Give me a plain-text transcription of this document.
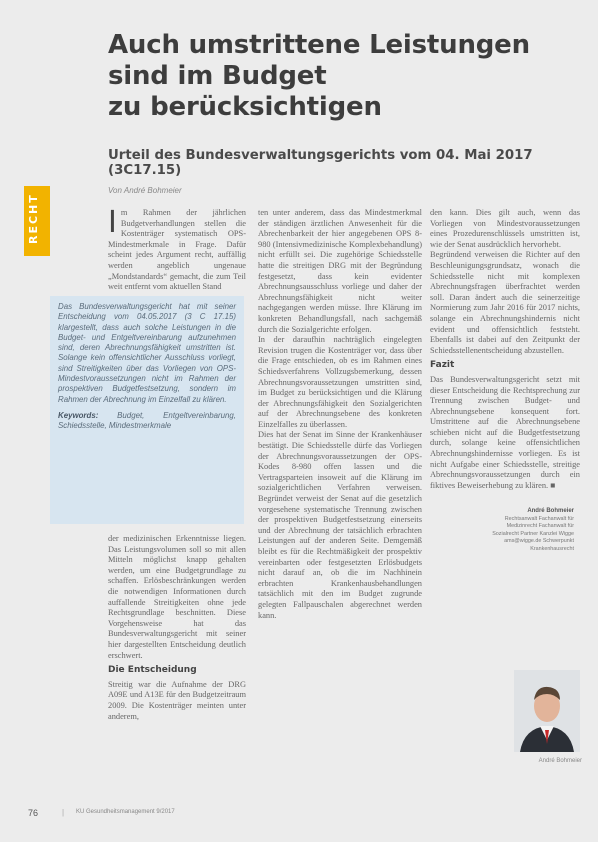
RECHT
Auch umstrittene Leistungen
sind im Budget
zu berücksichtigen
Urteil des Bundesverwaltungsgerichts vom 04. Mai 2017 (3C17.15)
Von André Bohmeier
I m Rahmen der jährlichen Budgetverhandlungen stellen die Kostenträger systematisch OPS-Mindestmerkmale in Frage. Dafür scheint jedes Argument recht, auffällig werden angeblich ungenaue „Mondstandards“ gemacht, die zum Teil weit entfernt vom aktuellen Stand

Das Bundesverwaltungsgericht hat mit seiner Entscheidung vom 04.05.2017 (3 C 17.15) klargestellt, dass auch solche Leistungen in die Budget- und Entgeltvereinbarung aufzunehmen sind, deren Abrechnungsfähigkeit umstritten ist. Solange kein offensichtlicher Ausschluss vorliegt, sind Streitigkeiten über das Vorliegen von OPS-Mindestvoraussetzungen nicht im Rahmen der prospektiven Budgetfestsetzung, sondern im Rahmen der Abrechnung im Einzelfall zu klären.

Keywords: Budget, Entgeltvereinbarung, Schiedsstelle, Mindestmerkmale

der medizinischen Erkenntnisse liegen. Das Leistungsvolumen soll so mit allen Mitteln möglichst knapp gehalten werden, um eine Budgetgrundlage zu schaffen. Erlösbeschränkungen werden die notwendigen Informationen durch auffallende Streitigkeiten ohne jede Rechtsgrundlage beschnitten. Diese Vorgehensweise hat das Bundesverwaltungsgericht mit seiner hier dargestellten Entscheidung deutlich erschwert.

Die Entscheidung

Streitig war die Aufnahme der DRG A09E und A13E für den Budgetzeitraum 2009. Die Kostenträger meinten unter anderem,

ten unter anderem, dass das Mindestmerkmal der ständigen ärztlichen Anwesenheit für die Abrechenbarkeit der hier angegebenen OPS 8-980 (Intensivmedizinische Komplexbehandlung) nicht erfüllt sei. Die zugehörige Schiedsstelle hatte die streitigen DRG mit der Begründung festgesetzt, dass kein evidenter Abrechnungsausschluss vorliege und daher der Abrechnungsfähigkeit nicht weiter nachgegangen werden müsse. Ihre Klärung im konkreten Behandlungsfall, nach sachgemäß durch die Sozialgerichte erfolgen.

In der daraufhin nachträglich eingelegten Revision trugen die Kostenträger vor, dass über die Frage entschieden, ob es im Rahmen eines Schiedsverfahrens Vollzugsbemerkung, dessen Abrechnungsvoraussetzungen umstritten sind, im Budget zu berücksichtigen und die Klärung der Abrechnungsfähigkeit den Sozialgerichten auf der Abrechnungsebene des konkreten Einzelfalles zu überlassen.

Dies hat der Senat im Sinne der Krankenhäuser bestätigt. Die Schiedsstelle dürfe das Vorliegen der Abrechnungsvoraussetzungen der OPS-Kodes 8-980 offen lassen und die Vertragsparteien insoweit auf die Klärung im sozialgerichtlichen Verfahren verweisen. Begründet verweist der Senat auf die gesetzlich vorgesehene systematische Trennung zwischen der prospektiven Budgetfestsetzung einerseits und der Abrechnung der tatsächlich erbrachten Leistungen auf der anderen Seite. Demgemäß bleibt es für die Rechtmäßigkeit der prospektiv vereinbarten oder festgesetzten Erlösbudgets nicht darauf an, ob die im Nachhinein erbrachten Krankenhausbehandlungen tatsächlich mit den im Budget zugrunde gelegten Fallpauschalen abgerechnet werden kann.

den kann. Dies gilt auch, wenn das Vorliegen von Mindestvoraussetzungen eines Prozedurenschlüssels umstritten ist, wie der Senat ausdrücklich hervorhebt.

Begründend verweisen die Richter auf den Beschleunigungsgrundsatz, wonach die Schiedsstelle nicht mit komplexen Abrechnungsfragen überfrachtet werden soll. Daran ändert auch die seinerzeitige Normierung zum Jahr 2016 für 2017 nichts, solange ein Abrechnungshindernis nicht evident und offensichtlich feststeht. Ebenfalls ist dabei auf den Zeitpunkt der Schiedsstellenentscheidung abzustellen.

Fazit

Das Bundesverwaltungsgericht setzt mit dieser Entscheidung die Rechtsprechung zur Trennung zwischen Budget- und Abrechnungsebene konsequent fort. Umstrittene auf die Abrechnungsebene schieben nicht auf die Budgetfestsetzung durch, solange keine offensichtlichen Abrechnungshindernisse vorliegen. Es ist nicht Aufgabe einer Schiedsstelle, streitige Abrechnungsvoraussetzungen durch ein fiktives Beweiserhebung zu klären. ■

André Bohmeier
Rechtsanwalt Fachanwalt für Medizinrecht Fachanwalt für Sozialrecht Partner Kanzlei Wigge ams@wigge.de Schwerpunkt Krankenhausrecht
André Bohmeier
76	| KU Gesundheitsmanagement 9/2017
